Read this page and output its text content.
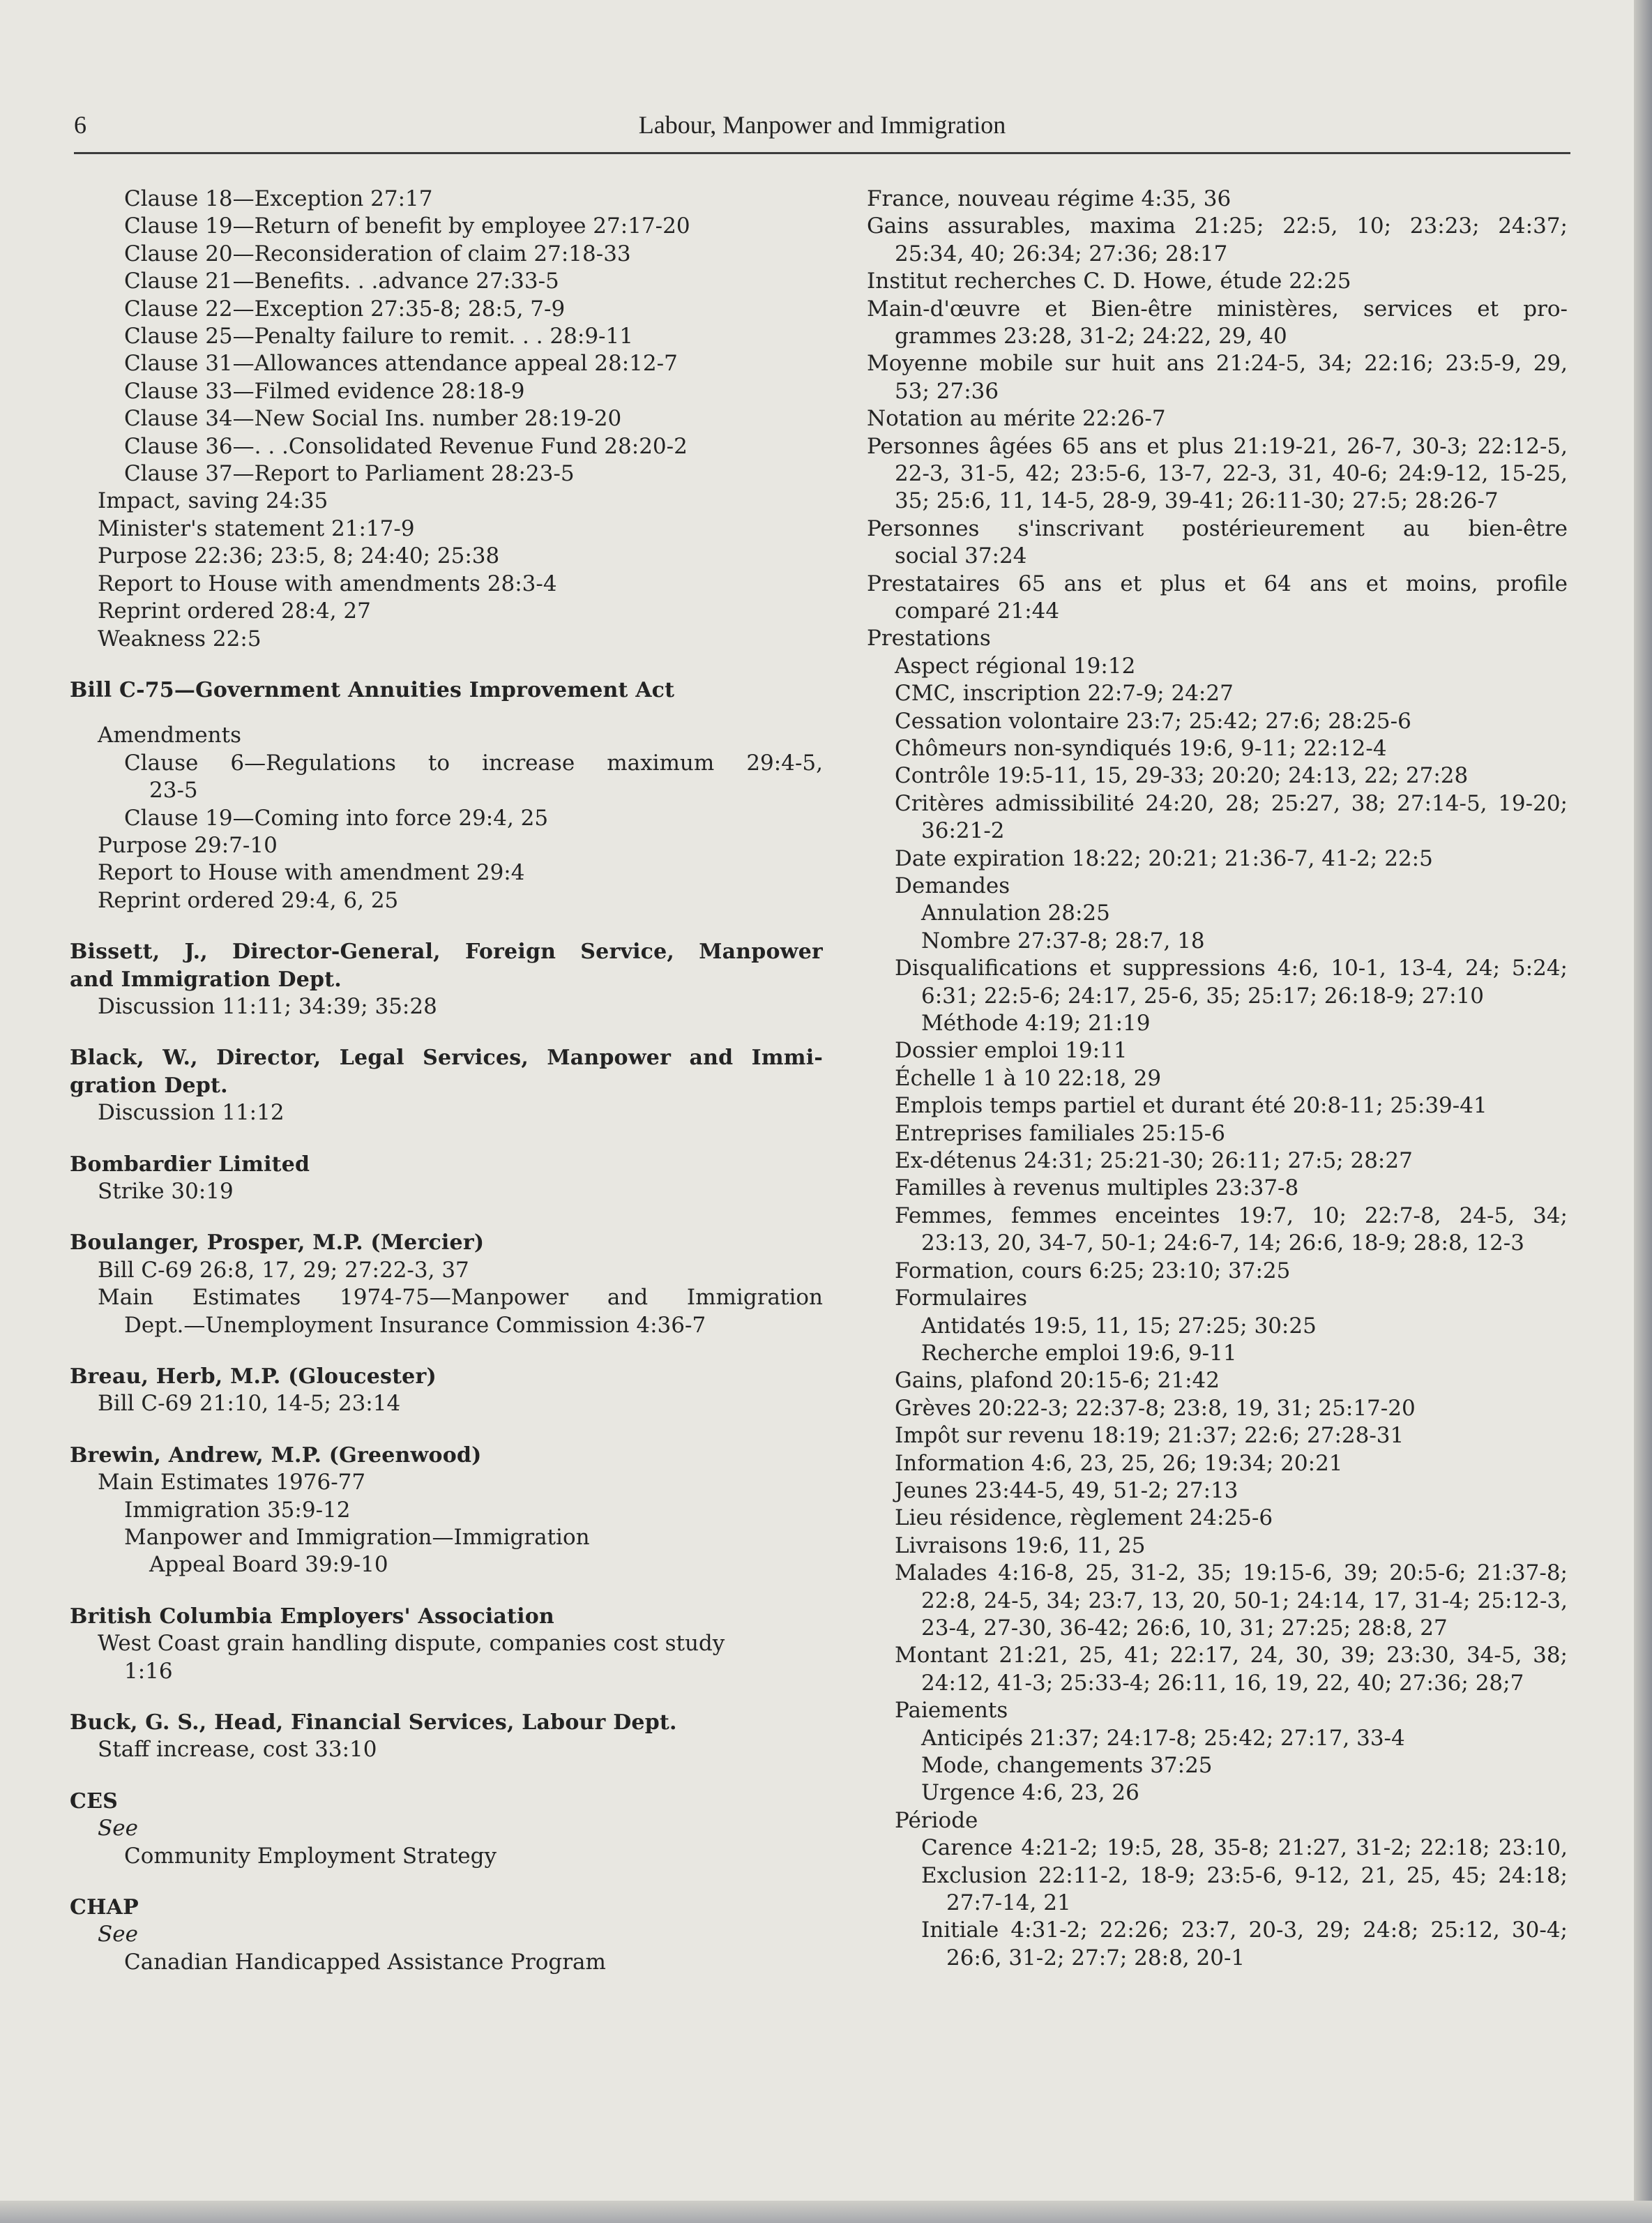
6	Labour, Manpower and Immigration
Clause 18—Exception 27:17
Clause 19—Return of benefit by employee 27:17-20
Clause 20—Reconsideration of claim 27:18-33
Clause 21—Benefits. . .advance 27:33-5
Clause 22—Exception 27:35-8; 28:5, 7-9
Clause 25—Penalty failure to remit. . . 28:9-11
Clause 31—Allowances attendance appeal 28:12-7
Clause 33—Filmed evidence 28:18-9
Clause 34—New Social Ins. number 28:19-20
Clause 36—. . .Consolidated Revenue Fund 28:20-2
Clause 37—Report to Parliament 28:23-5
Impact, saving 24:35
Minister's statement 21:17-9
Purpose 22:36; 23:5, 8; 24:40; 25:38
Report to House with amendments 28:3-4
Reprint ordered 28:4, 27
Weakness 22:5
Bill C-75—Government Annuities Improvement Act
Amendments
Clause 6—Regulations to increase maximum 29:4-5,
23-5
Clause 19—Coming into force 29:4, 25
Purpose 29:7-10
Report to House with amendment 29:4
Reprint ordered 29:4, 6, 25
Bissett, J., Director-General, Foreign Service, Manpower
and Immigration Dept.
Discussion 11:11; 34:39; 35:28
Black, W., Director, Legal Services, Manpower and Immi-
gration Dept.
Discussion 11:12
Bombardier Limited
Strike 30:19
Boulanger, Prosper, M.P. (Mercier)
Bill C-69 26:8, 17, 29; 27:22-3, 37
Main Estimates 1974-75—Manpower and Immigration
Dept.—Unemployment Insurance Commission 4:36-7
Breau, Herb, M.P. (Gloucester)
Bill C-69 21:10, 14-5; 23:14
Brewin, Andrew, M.P. (Greenwood)
Main Estimates 1976-77
Immigration 35:9-12
Manpower and Immigration—Immigration
Appeal Board 39:9-10
British Columbia Employers' Association
West Coast grain handling dispute, companies cost study
1:16
Buck, G. S., Head, Financial Services, Labour Dept.
Staff increase, cost 33:10
CES
See
Community Employment Strategy
CHAP
See
Canadian Handicapped Assistance Program
France, nouveau régime 4:35, 36
Gains assurables, maxima 21:25; 22:5, 10; 23:23; 24:37;
25:34, 40; 26:34; 27:36; 28:17
Institut recherches C. D. Howe, étude 22:25
Main-d'œuvre et Bien-être ministères, services et pro-
grammes 23:28, 31-2; 24:22, 29, 40
Moyenne mobile sur huit ans 21:24-5, 34; 22:16; 23:5-9, 29,
53; 27:36
Notation au mérite 22:26-7
Personnes âgées 65 ans et plus 21:19-21, 26-7, 30-3; 22:12-5,
22-3, 31-5, 42; 23:5-6, 13-7, 22-3, 31, 40-6; 24:9-12, 15-25,
35; 25:6, 11, 14-5, 28-9, 39-41; 26:11-30; 27:5; 28:26-7
Personnes s'inscrivant postérieurement au bien-être
social 37:24
Prestataires 65 ans et plus et 64 ans et moins, profile
comparé 21:44
Prestations
Aspect régional 19:12
CMC, inscription 22:7-9; 24:27
Cessation volontaire 23:7; 25:42; 27:6; 28:25-6
Chômeurs non-syndiqués 19:6, 9-11; 22:12-4
Contrôle 19:5-11, 15, 29-33; 20:20; 24:13, 22; 27:28
Critères admissibilité 24:20, 28; 25:27, 38; 27:14-5, 19-20;
36:21-2
Date expiration 18:22; 20:21; 21:36-7, 41-2; 22:5
Demandes
Annulation 28:25
Nombre 27:37-8; 28:7, 18
Disqualifications et suppressions 4:6, 10-1, 13-4, 24; 5:24;
6:31; 22:5-6; 24:17, 25-6, 35; 25:17; 26:18-9; 27:10
Méthode 4:19; 21:19
Dossier emploi 19:11
Échelle 1 à 10 22:18, 29
Emplois temps partiel et durant été 20:8-11; 25:39-41
Entreprises familiales 25:15-6
Ex-détenus 24:31; 25:21-30; 26:11; 27:5; 28:27
Familles à revenus multiples 23:37-8
Femmes, femmes enceintes 19:7, 10; 22:7-8, 24-5, 34;
23:13, 20, 34-7, 50-1; 24:6-7, 14; 26:6, 18-9; 28:8, 12-3
Formation, cours 6:25; 23:10; 37:25
Formulaires
Antidatés 19:5, 11, 15; 27:25; 30:25
Recherche emploi 19:6, 9-11
Gains, plafond 20:15-6; 21:42
Grèves 20:22-3; 22:37-8; 23:8, 19, 31; 25:17-20
Impôt sur revenu 18:19; 21:37; 22:6; 27:28-31
Information 4:6, 23, 25, 26; 19:34; 20:21
Jeunes 23:44-5, 49, 51-2; 27:13
Lieu résidence, règlement 24:25-6
Livraisons 19:6, 11, 25
Malades 4:16-8, 25, 31-2, 35; 19:15-6, 39; 20:5-6; 21:37-8;
22:8, 24-5, 34; 23:7, 13, 20, 50-1; 24:14, 17, 31-4; 25:12-3,
23-4, 27-30, 36-42; 26:6, 10, 31; 27:25; 28:8, 27
Montant 21:21, 25, 41; 22:17, 24, 30, 39; 23:30, 34-5, 38;
24:12, 41-3; 25:33-4; 26:11, 16, 19, 22, 40; 27:36; 28;7
Paiements
Anticipés 21:37; 24:17-8; 25:42; 27:17, 33-4
Mode, changements 37:25
Urgence 4:6, 23, 26
Période
Carence 4:21-2; 19:5, 28, 35-8; 21:27, 31-2; 22:18; 23:10,
Exclusion 22:11-2, 18-9; 23:5-6, 9-12, 21, 25, 45; 24:18;
27:7-14, 21
Initiale 4:31-2; 22:26; 23:7, 20-3, 29; 24:8; 25:12, 30-4;
26:6, 31-2; 27:7; 28:8, 20-1
